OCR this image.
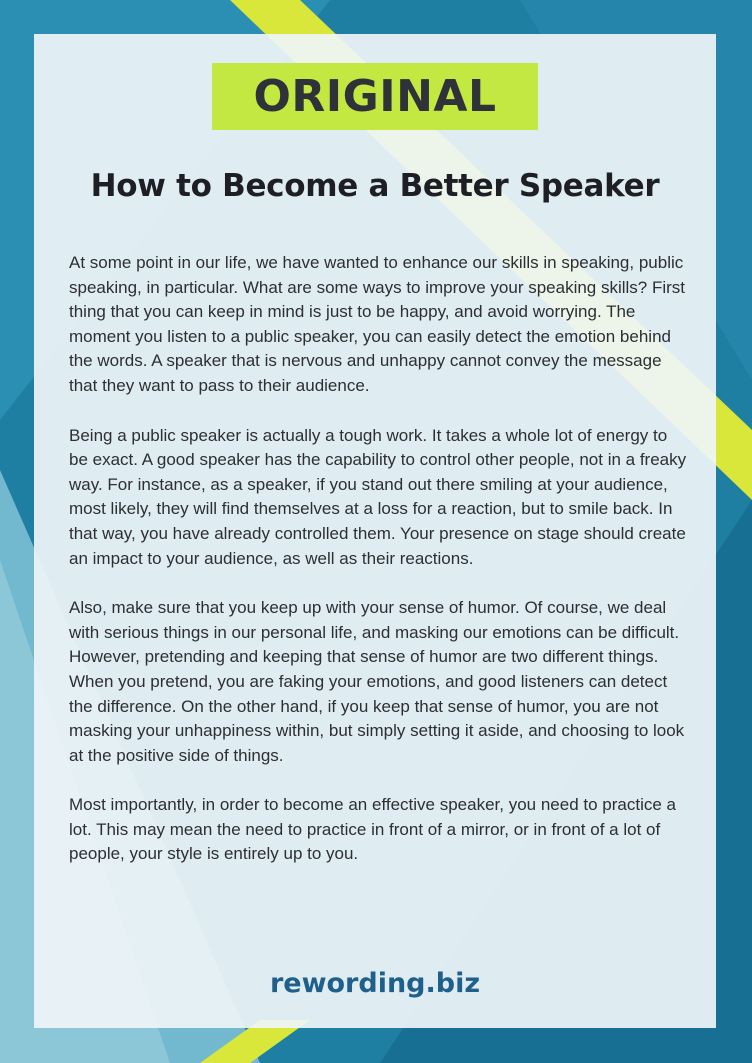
ORIGINAL
How to Become a Better Speaker

At some point in our life, we have wanted to enhance our skills in speaking, public speaking, in particular. What are some ways to improve your speaking skills? First thing that you can keep in mind is just to be happy, and avoid worrying. The moment you listen to a public speaker, you can easily detect the emotion behind the words. A speaker that is nervous and unhappy cannot convey the message that they want to pass to their audience.

Being a public speaker is actually a tough work. It takes a whole lot of energy to be exact. A good speaker has the capability to control other people, not in a freaky way. For instance, as a speaker, if you stand out there smiling at your audience, most likely, they will find themselves at a loss for a reaction, but to smile back. In that way, you have already controlled them. Your presence on stage should create an impact to your audience, as well as their reactions.

Also, make sure that you keep up with your sense of humor. Of course, we deal with serious things in our personal life, and masking our emotions can be difficult. However, pretending and keeping that sense of humor are two different things. When you pretend, you are faking your emotions, and good listeners can detect the difference. On the other hand, if you keep that sense of humor, you are not masking your unhappiness within, but simply setting it aside, and choosing to look at the positive side of things.

Most importantly, in order to become an effective speaker, you need to practice a lot. This may mean the need to practice in front of a mirror, or in front of a lot of people, your style is entirely up to you.

rewording.biz
